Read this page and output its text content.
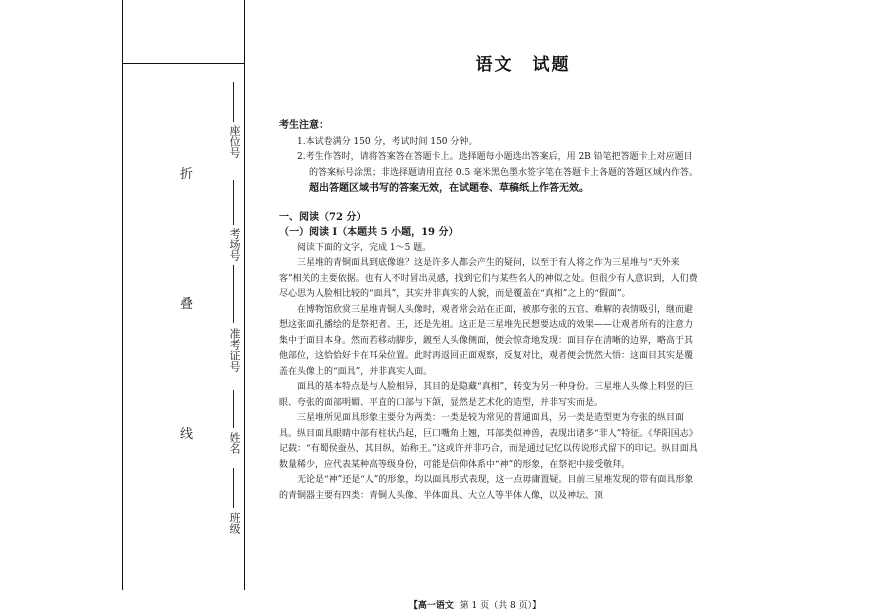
折
叠
线
座位号
考场号
准考证号
姓名
班级
语文　试题

考生注意：

1.本试卷满分 150 分，考试时间 150 分钟。

2.考生作答时，请将答案答在答题卡上。选择题每小题选出答案后，用 2B 铅笔把答题卡上对应题目的答案标号涂黑；非选择题请用直径 0.5 毫米黑色墨水签字笔在答题卡上各题的答题区域内作答。超出答题区域书写的答案无效，在试题卷、草稿纸上作答无效。

一、阅读（72 分）

（一）阅读 Ⅰ（本题共 5 小题，19 分）

阅读下面的文字，完成 1～5 题。

三星堆的青铜面具到底像谁？这是许多人都会产生的疑问，以至于有人将之作为三星堆与“天外来客”相关的主要依据。也有人不时冒出灵感，找到它们与某些名人的神似之处。但很少有人意识到，人们费尽心思为人脸相比较的“面具”，其实并非真实的人貌，而是覆盖在“真相”之上的“假面”。

在博物馆欣赏三星堆青铜人头像时，观者常会站在正面，被那夸张的五官、难解的表情吸引，继而避想这张面孔播绘的是祭祀者、王，还是先祖。这正是三星堆先民想要达成的效果——让观者所有的注意力集中于面目本身。然而若移动脚步，踱至人头像侧面，便会惊奇地发现：面目存在清晰的边界，略高于其他部位，这恰恰好卡在耳朵位置。此时再返回正面观察，反复对比，观者便会恍然大悟：这面目其实是覆盖在头像上的“面具”，并非真实人面。

面具的基本特点是与人脸相异，其目的是隐藏“真相”，转变为另一种身份。三星堆人头像上料竖的巨眼、夸张的面部明媚、平直的口部与下颌，显然是艺术化的造型，并非写实而是。

三星堆所见面具形象主要分为两类：一类是较为常见的普通面具，另一类是造型更为夸张的纵目面具。纵目面具眼睛中部有柱状凸起，巨口嘴角上翘，耳部类似神兽，表现出诸多“非人”特征。《华阳国志》记载：“有蜀侯蚕丛，其目纵，始称王。”这或许并非巧合，而是通过记忆以传说形式留下的印记。纵目面具数量稀少，应代表某种高等级身份，可能是信仰体系中“神”的形象，在祭祀中接受敬拜。

无论是“神”还是“人”的形象，均以面具形式表现，这一点毋庸置疑。目前三星堆发现的带有面具形象的青铜器主要有四类：青铜人头像、半体面具、大立人等半体人像，以及神坛、顶

【高一语文 第 1 页（共 8 页）】
